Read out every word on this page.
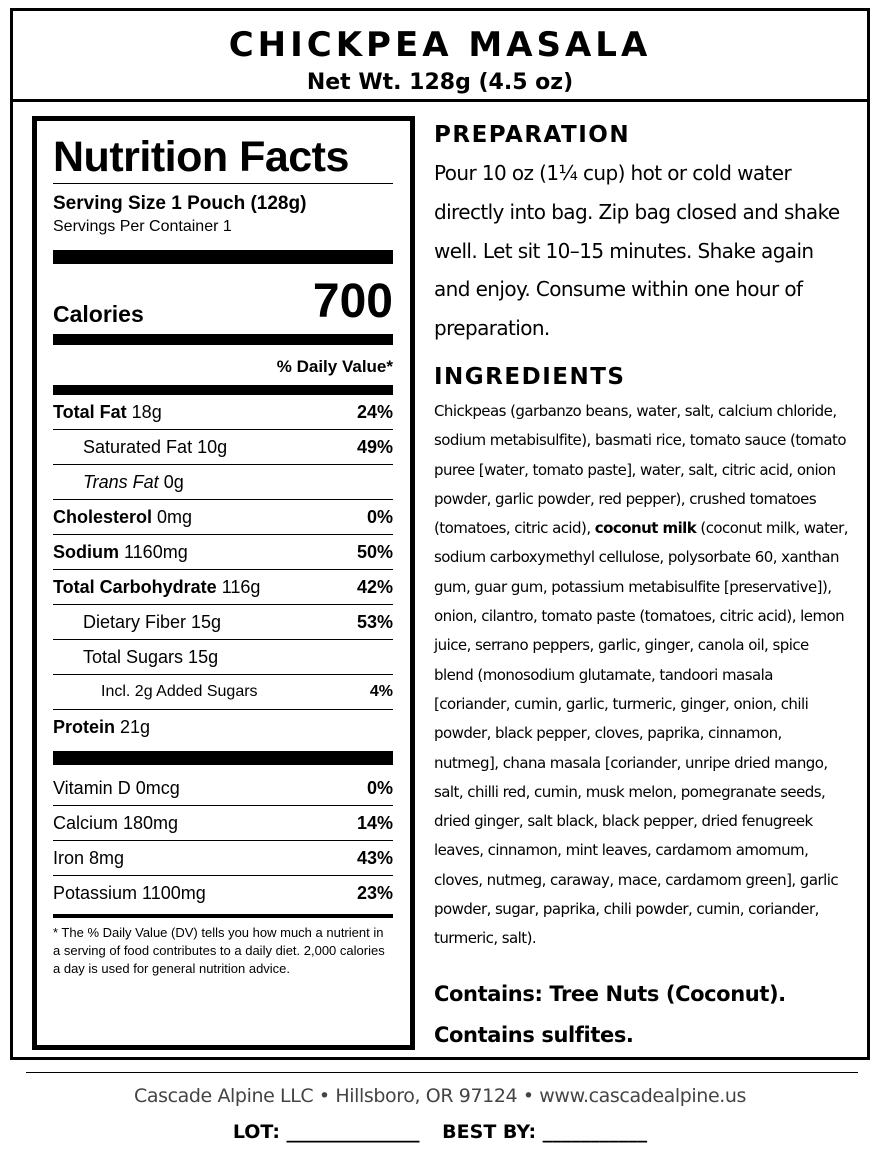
CHICKPEA MASALA
Net Wt. 128g (4.5 oz)
Nutrition Facts
Serving Size 1 Pouch (128g)
Servings Per Container 1
Calories	700
% Daily Value*
Total Fat 18g	24%
Saturated Fat 10g	49%
Trans Fat 0g
Cholesterol 0mg	0%
Sodium 1160mg	50%
Total Carbohydrate 116g	42%
Dietary Fiber 15g	53%
Total Sugars 15g
Incl. 2g Added Sugars	4%
Protein 21g
Vitamin D 0mcg	0%
Calcium 180mg	14%
Iron 8mg	43%
Potassium 1100mg	23%
* The % Daily Value (DV) tells you how much a nutrient in a serving of food contributes to a daily diet. 2,000 calories a day is used for general nutrition advice.
PREPARATION
Pour 10 oz (1¼ cup) hot or cold water directly into bag. Zip bag closed and shake well. Let sit 10–15 minutes. Shake again and enjoy. Consume within one hour of preparation.
INGREDIENTS
Chickpeas (garbanzo beans, water, salt, calcium chloride, sodium metabisulfite), basmati rice, tomato sauce (tomato puree [water, tomato paste], water, salt, citric acid, onion powder, garlic powder, red pepper), crushed tomatoes (tomatoes, citric acid), coconut milk (coconut milk, water, sodium carboxymethyl cellulose, polysorbate 60, xanthan gum, guar gum, potassium metabisulfite [preservative]), onion, cilantro, tomato paste (tomatoes, citric acid), lemon juice, serrano peppers, garlic, ginger, canola oil, spice blend (monosodium glutamate, tandoori masala [coriander, cumin, garlic, turmeric, ginger, onion, chili powder, black pepper, cloves, paprika, cinnamon, nutmeg], chana masala [coriander, unripe dried mango, salt, chilli red, cumin, musk melon, pomegranate seeds, dried ginger, salt black, black pepper, dried fenugreek leaves, cinnamon, mint leaves, cardamom amomum, cloves, nutmeg, caraway, mace, cardamom green], garlic powder, sugar, paprika, chili powder, cumin, coriander, turmeric, salt).
Contains: Tree Nuts (Coconut).
Contains sulfites.
Cascade Alpine LLC • Hillsboro, OR 97124 • www.cascadealpine.us
LOT: ______________ BEST BY: ___________
